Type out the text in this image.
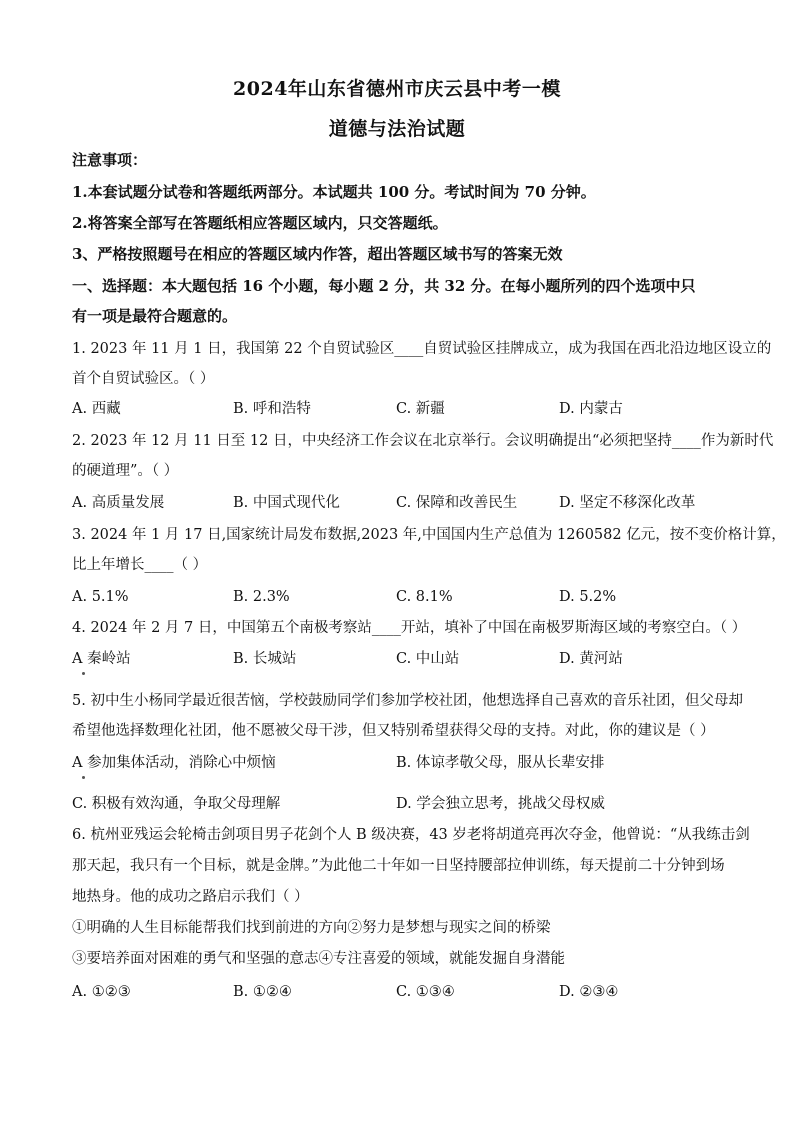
2024年山东省德州市庆云县中考一模
道德与法治试题
注意事项：
1.本套试题分试卷和答题纸两部分。本试题共 100 分。考试时间为 70 分钟。
2.将答案全部写在答题纸相应答题区域内，只交答题纸。
3、严格按照题号在相应的答题区域内作答，超出答题区域书写的答案无效
一、选择题：本大题包括 16 个小题，每小题 2 分，共 32 分。在每小题所列的四个选项中只
有一项是最符合题意的。
1. 2023 年 11 月 1 日，我国第 22 个自贸试验区____自贸试验区挂牌成立，成为我国在西北沿边地区设立的
首个自贸试验区。（ ）
A. 西藏	B. 呼和浩特	C. 新疆	D. 内蒙古
2. 2023 年 12 月 11 日至 12 日，中央经济工作会议在北京举行。会议明确提出“必须把坚持____作为新时代
的硬道理”。（ ）
A. 高质量发展	B. 中国式现代化	C. 保障和改善民生	D. 坚定不移深化改革
3. 2024 年 1 月 17 日,国家统计局发布数据,2023 年,中国国内生产总值为 1260582 亿元，按不变价格计算，
比上年增长____（ ）
A. 5.1%	B. 2.3%	C. 8.1%	D. 5.2%
4. 2024 年 2 月 7 日，中国第五个南极考察站____开站，填补了中国在南极罗斯海区域的考察空白。（ ）
A 秦岭站	B. 长城站	C. 中山站	D. 黄河站
5. 初中生小杨同学最近很苦恼，学校鼓励同学们参加学校社团，他想选择自己喜欢的音乐社团，但父母却
希望他选择数理化社团，他不愿被父母干涉，但又特别希望获得父母的支持。对此，你的建议是（ ）
A 参加集体活动，消除心中烦恼	B. 体谅孝敬父母，服从长辈安排
C. 积极有效沟通，争取父母理解	D. 学会独立思考，挑战父母权威
6. 杭州亚残运会轮椅击剑项目男子花剑个人 B 级决赛，43 岁老将胡道亮再次夺金，他曾说：“从我练击剑
那天起，我只有一个目标，就是金牌。”为此他二十年如一日坚持腰部拉伸训练，每天提前二十分钟到场
地热身。他的成功之路启示我们（ ）
①明确的人生目标能帮我们找到前进的方向②努力是梦想与现实之间的桥梁
③要培养面对困难的勇气和坚强的意志④专注喜爱的领域，就能发掘自身潜能
A. ①②③	B. ①②④	C. ①③④	D. ②③④
